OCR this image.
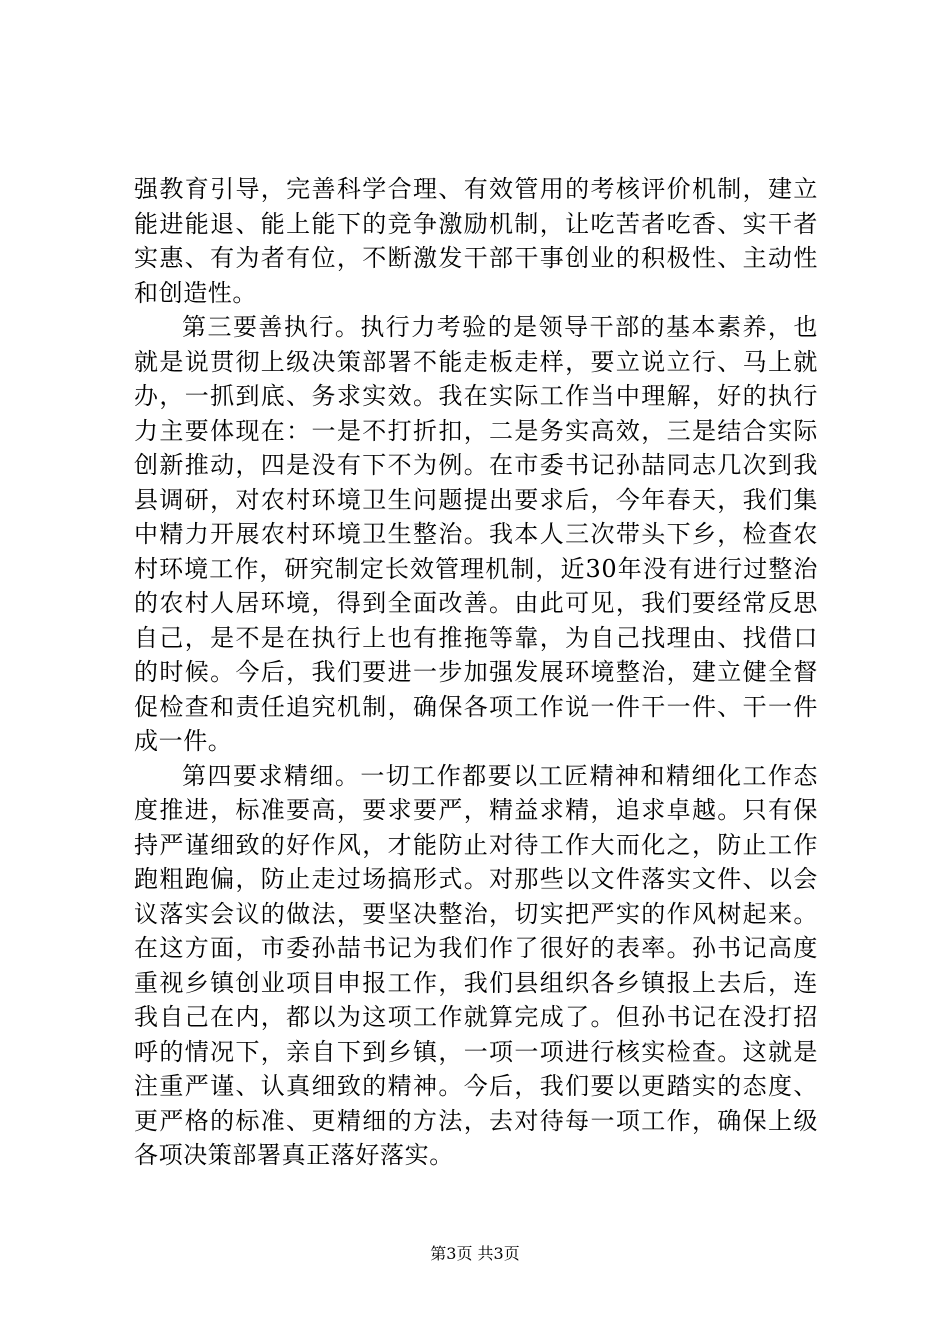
强教育引导，完善科学合理、有效管用的考核评价机制，建立能进能退、能上能下的竞争激励机制，让吃苦者吃香、实干者实惠、有为者有位，不断激发干部干事创业的积极性、主动性和创造性。

第三要善执行。执行力考验的是领导干部的基本素养，也就是说贯彻上级决策部署不能走板走样，要立说立行、马上就办，一抓到底、务求实效。我在实际工作当中理解，好的执行力主要体现在：一是不打折扣，二是务实高效，三是结合实际创新推动，四是没有下不为例。在市委书记孙喆同志几次到我县调研，对农村环境卫生问题提出要求后，今年春天，我们集中精力开展农村环境卫生整治。我本人三次带头下乡，检查农村环境工作，研究制定长效管理机制，近30年没有进行过整治的农村人居环境，得到全面改善。由此可见，我们要经常反思自己，是不是在执行上也有推拖等靠，为自己找理由、找借口的时候。今后，我们要进一步加强发展环境整治，建立健全督促检查和责任追究机制，确保各项工作说一件干一件、干一件成一件。

第四要求精细。一切工作都要以工匠精神和精细化工作态度推进，标准要高，要求要严，精益求精，追求卓越。只有保持严谨细致的好作风，才能防止对待工作大而化之，防止工作跑粗跑偏，防止走过场搞形式。对那些以文件落实文件、以会议落实会议的做法，要坚决整治，切实把严实的作风树起来。在这方面，市委孙喆书记为我们作了很好的表率。孙书记高度重视乡镇创业项目申报工作，我们县组织各乡镇报上去后，连我自己在内，都以为这项工作就算完成了。但孙书记在没打招呼的情况下，亲自下到乡镇，一项一项进行核实检查。这就是注重严谨、认真细致的精神。今后，我们要以更踏实的态度、更严格的标准、更精细的方法，去对待每一项工作，确保上级各项决策部署真正落好落实。

第3页 共3页
